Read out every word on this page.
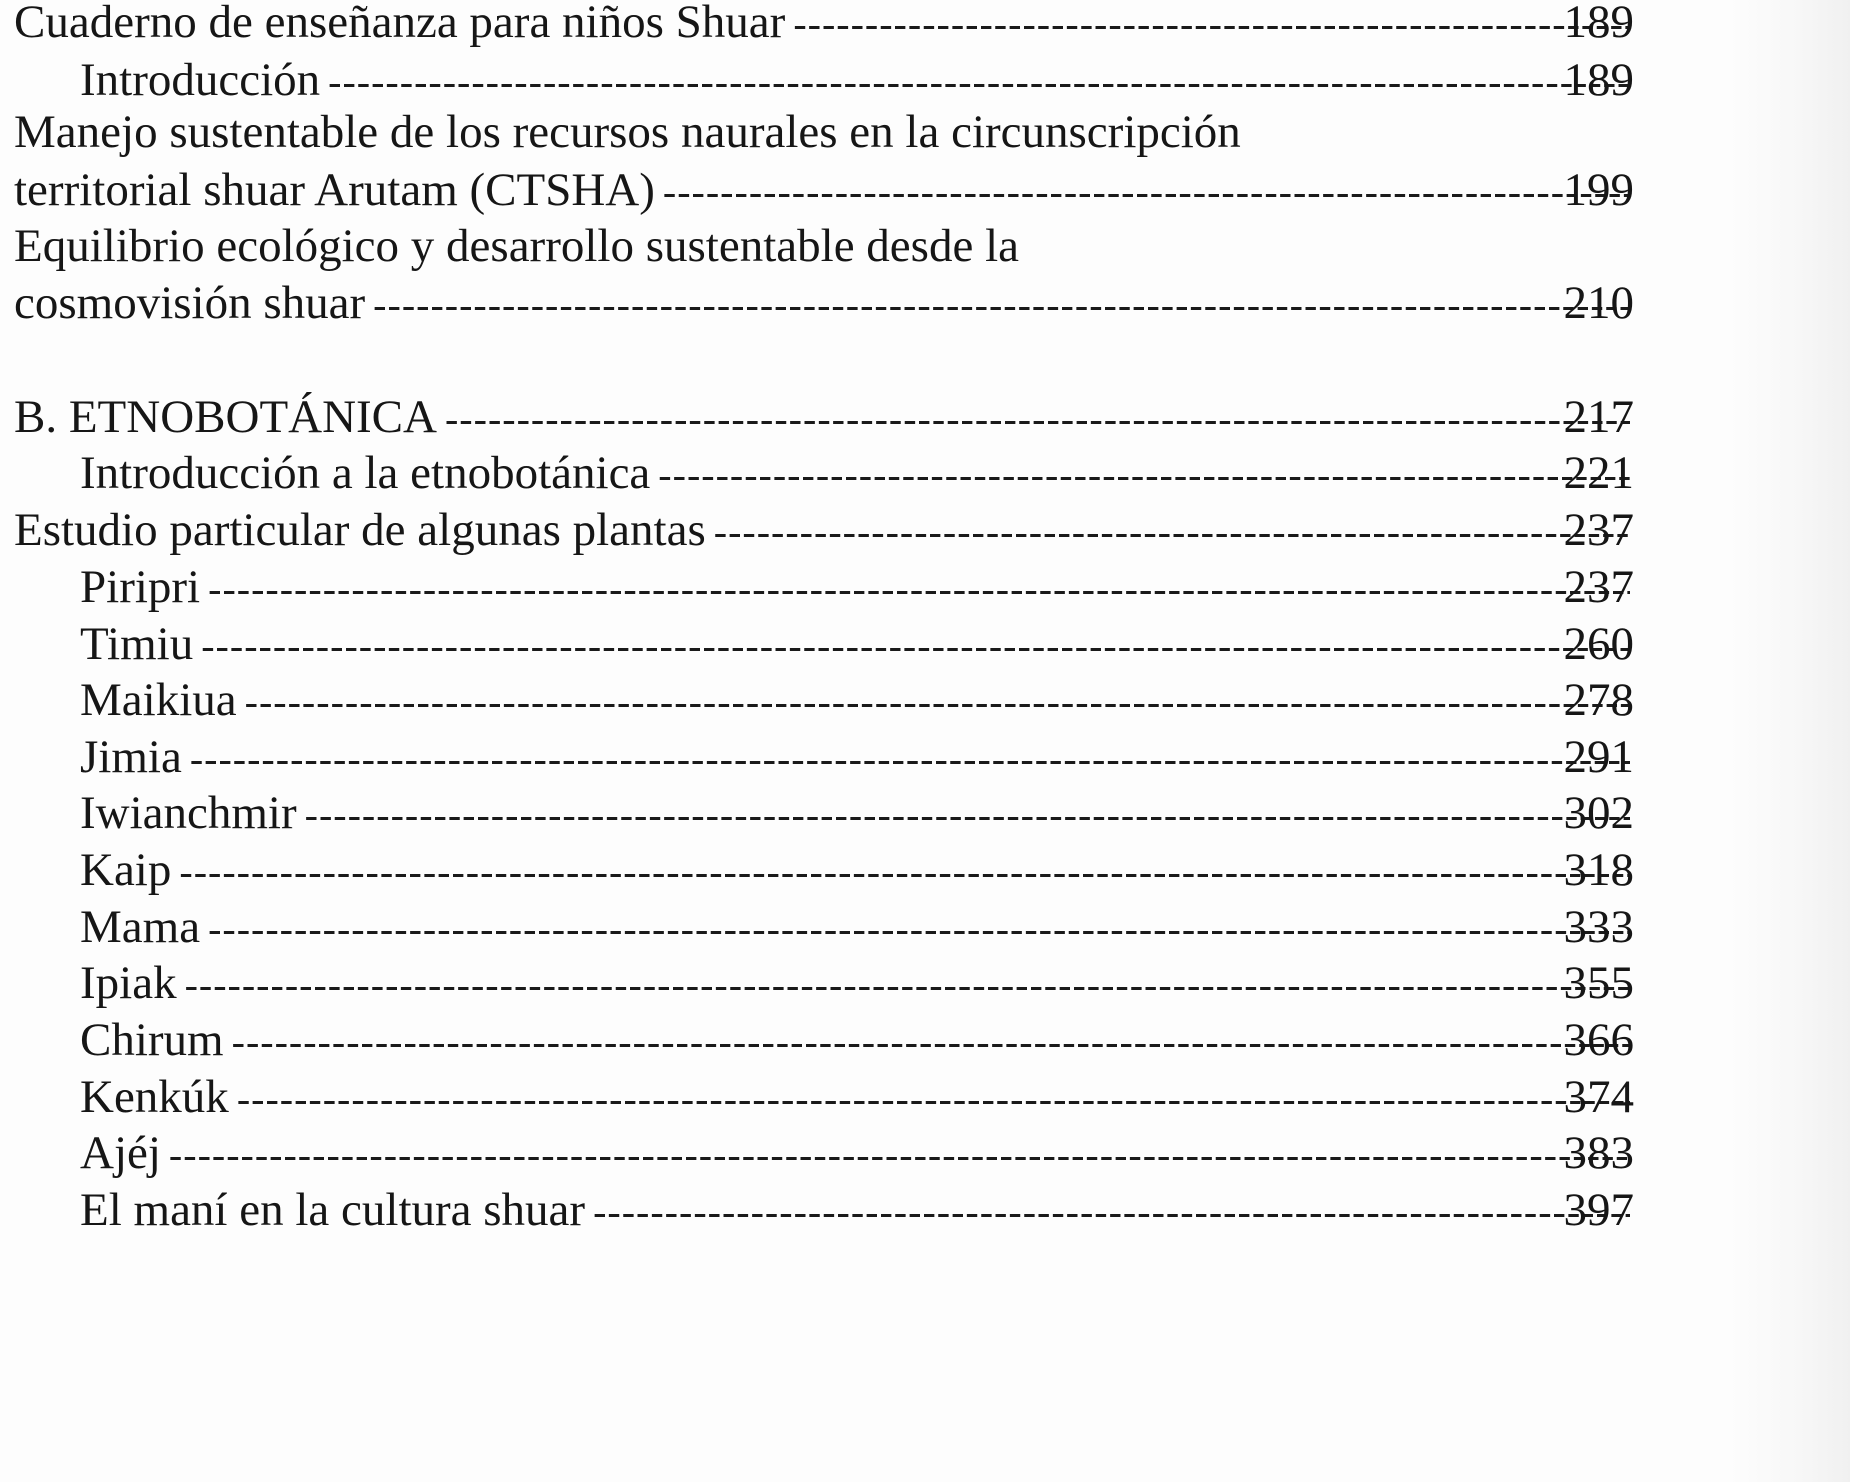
Cuaderno de enseñanza para niños Shuar -----	189
Introducción -----	189
Manejo sustentable de los recursos naurales en la circunscripción
territorial shuar Arutam (CTSHA) -----	199
Equilibrio ecológico y desarrollo sustentable desde la
cosmovisión shuar -----	210
B. ETNOBOTÁNICA -----	217
Introducción a la etnobotánica -----	221
Estudio particular de algunas plantas -----	237
Piripri -----	237
Timiu -----	260
Maikiua -----	278
Jimia -----	291
Iwianchmir -----	302
Kaip -----	318
Mama -----	333
Ipiak -----	355
Chirum -----	366
Kenkúk -----	374
Ajéj -----	383
El maní en la cultura shuar -----	397
